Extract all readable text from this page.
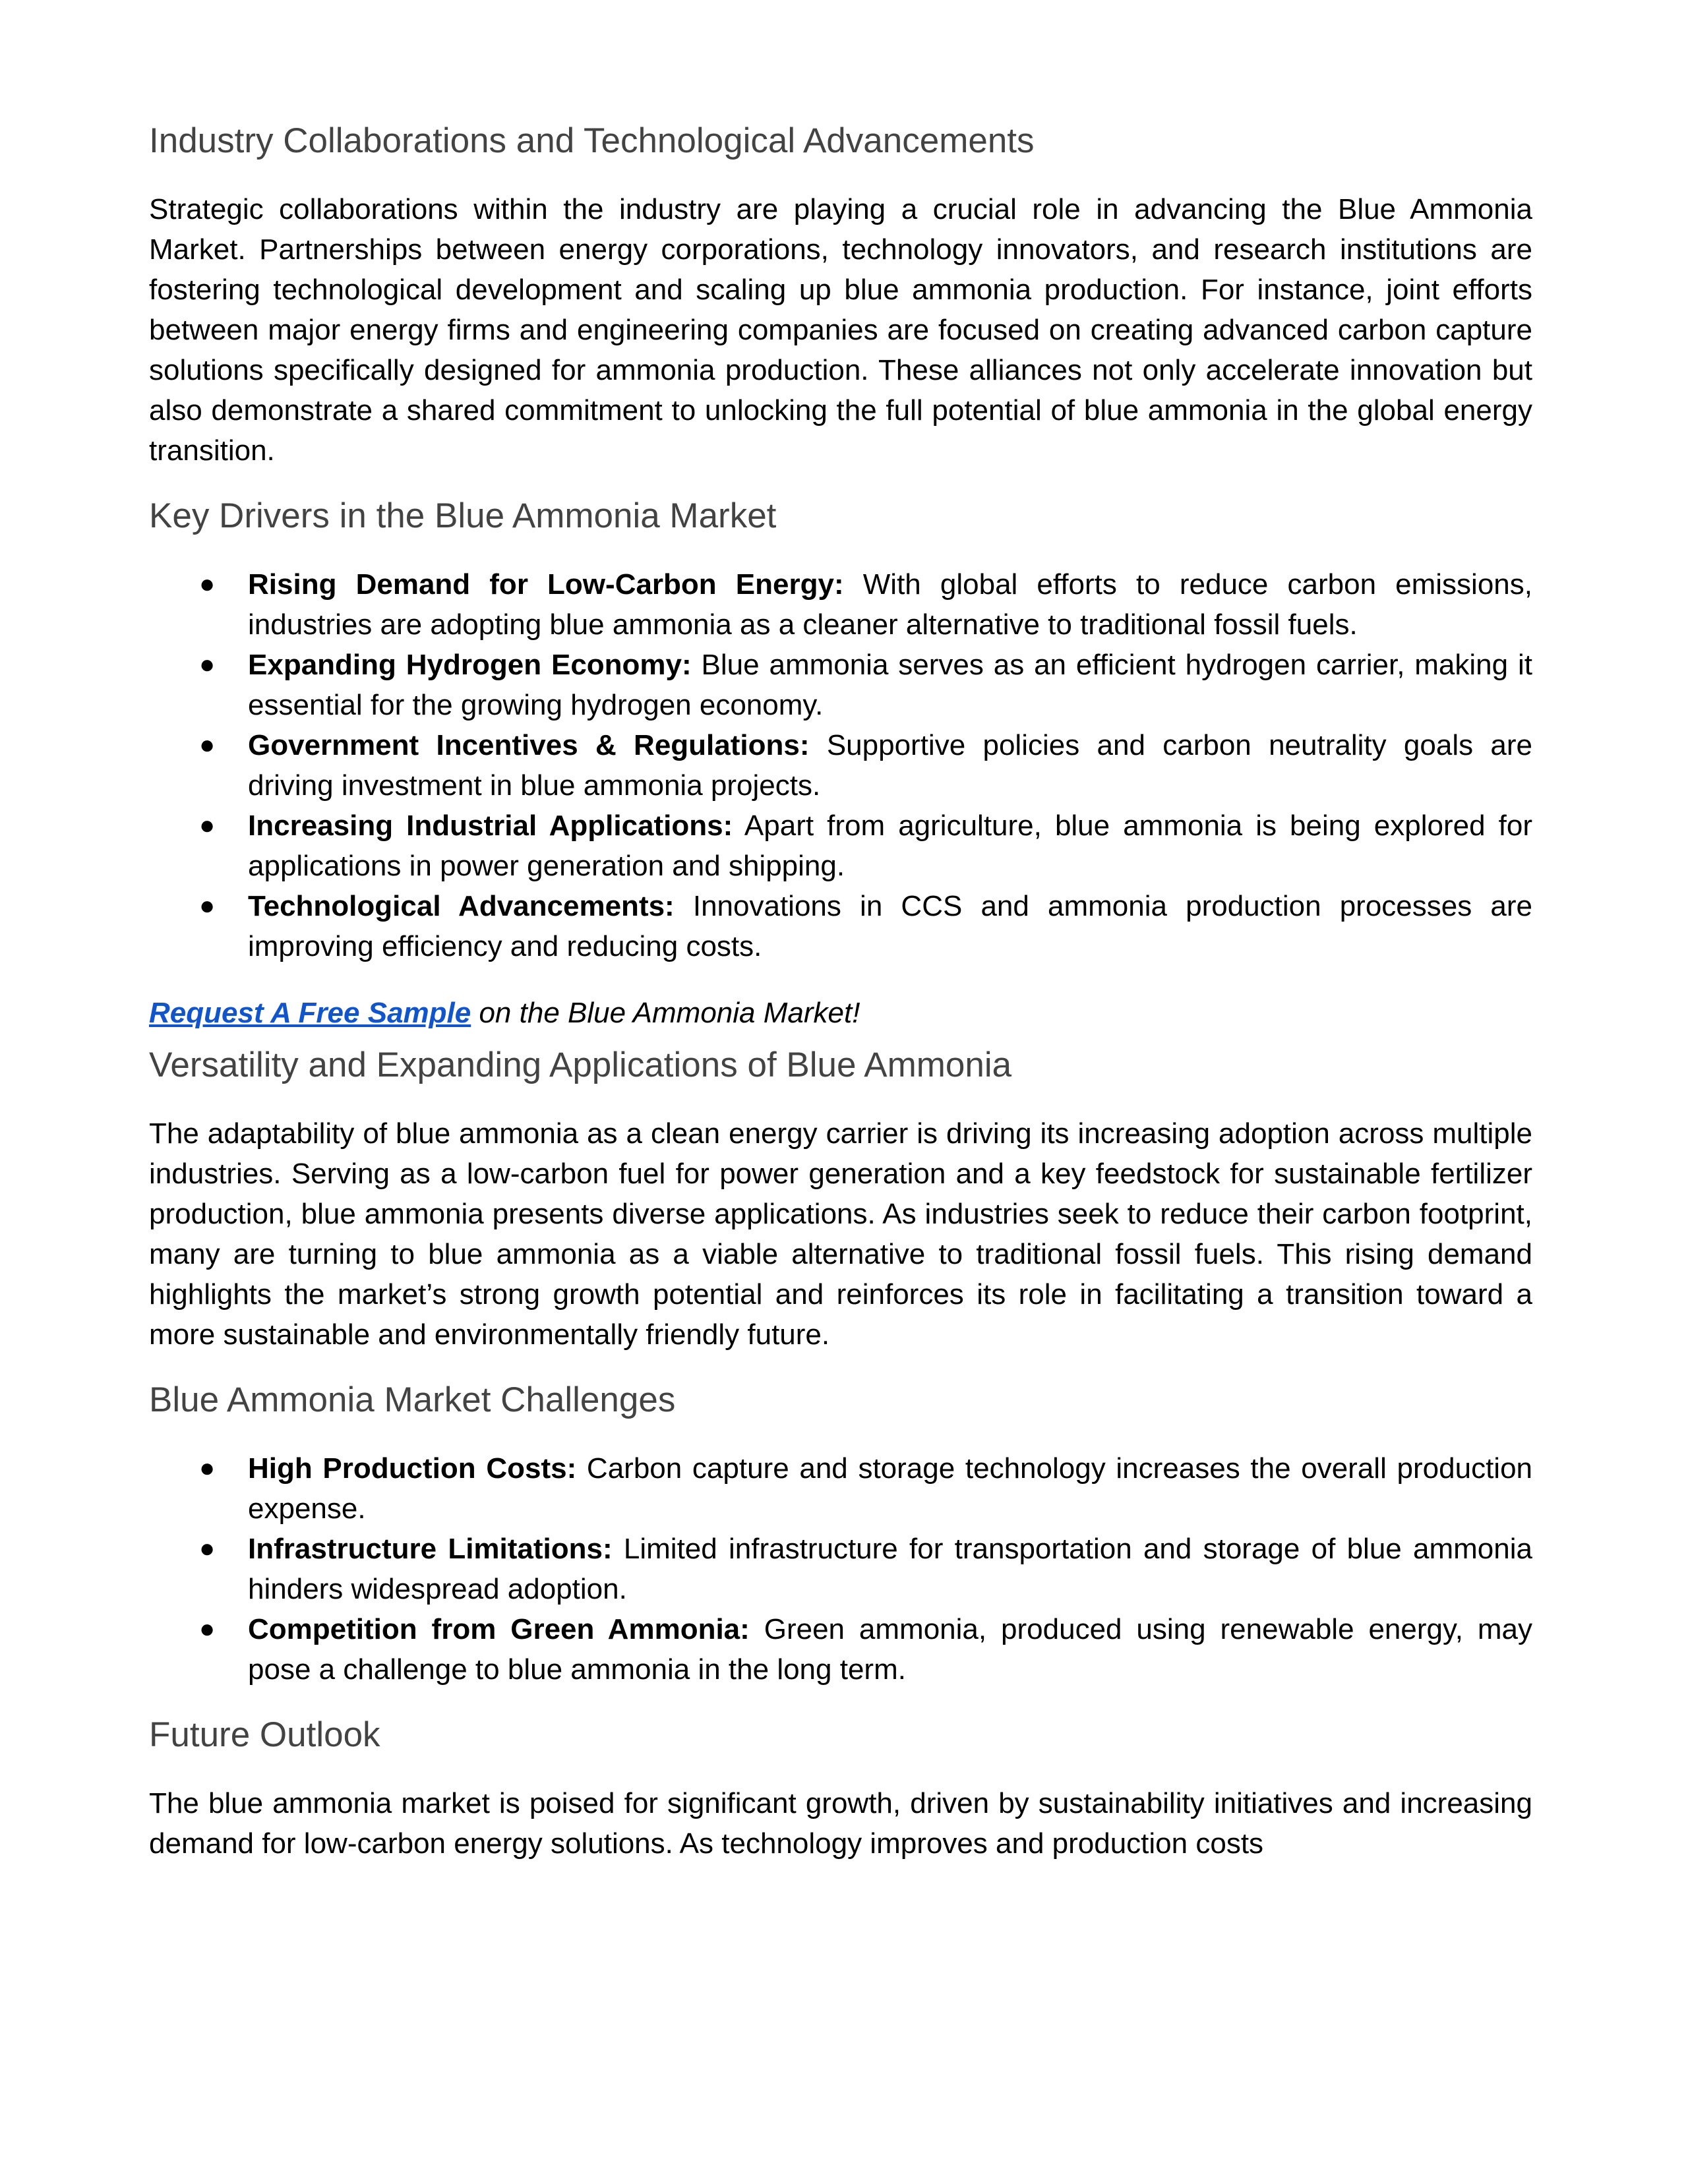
Industry Collaborations and Technological Advancements

Strategic collaborations within the industry are playing a crucial role in advancing the Blue Ammonia Market. Partnerships between energy corporations, technology innovators, and research institutions are fostering technological development and scaling up blue ammonia production. For instance, joint efforts between major energy firms and engineering companies are focused on creating advanced carbon capture solutions specifically designed for ammonia production. These alliances not only accelerate innovation but also demonstrate a shared commitment to unlocking the full potential of blue ammonia in the global energy transition.

Key Drivers in the Blue Ammonia Market
● Rising Demand for Low-Carbon Energy: With global efforts to reduce carbon emissions, industries are adopting blue ammonia as a cleaner alternative to traditional fossil fuels.
● Expanding Hydrogen Economy: Blue ammonia serves as an efficient hydrogen carrier, making it essential for the growing hydrogen economy.
● Government Incentives & Regulations: Supportive policies and carbon neutrality goals are driving investment in blue ammonia projects.
● Increasing Industrial Applications: Apart from agriculture, blue ammonia is being explored for applications in power generation and shipping.
● Technological Advancements: Innovations in CCS and ammonia production processes are improving efficiency and reducing costs.

Request A Free Sample on the Blue Ammonia Market!

Versatility and Expanding Applications of Blue Ammonia

The adaptability of blue ammonia as a clean energy carrier is driving its increasing adoption across multiple industries. Serving as a low-carbon fuel for power generation and a key feedstock for sustainable fertilizer production, blue ammonia presents diverse applications. As industries seek to reduce their carbon footprint, many are turning to blue ammonia as a viable alternative to traditional fossil fuels. This rising demand highlights the market’s strong growth potential and reinforces its role in facilitating a transition toward a more sustainable and environmentally friendly future.

Blue Ammonia Market Challenges
● High Production Costs: Carbon capture and storage technology increases the overall production expense.
● Infrastructure Limitations: Limited infrastructure for transportation and storage of blue ammonia hinders widespread adoption.
● Competition from Green Ammonia: Green ammonia, produced using renewable energy, may pose a challenge to blue ammonia in the long term.
Future Outlook

The blue ammonia market is poised for significant growth, driven by sustainability initiatives and increasing demand for low-carbon energy solutions. As technology improves and production costs
